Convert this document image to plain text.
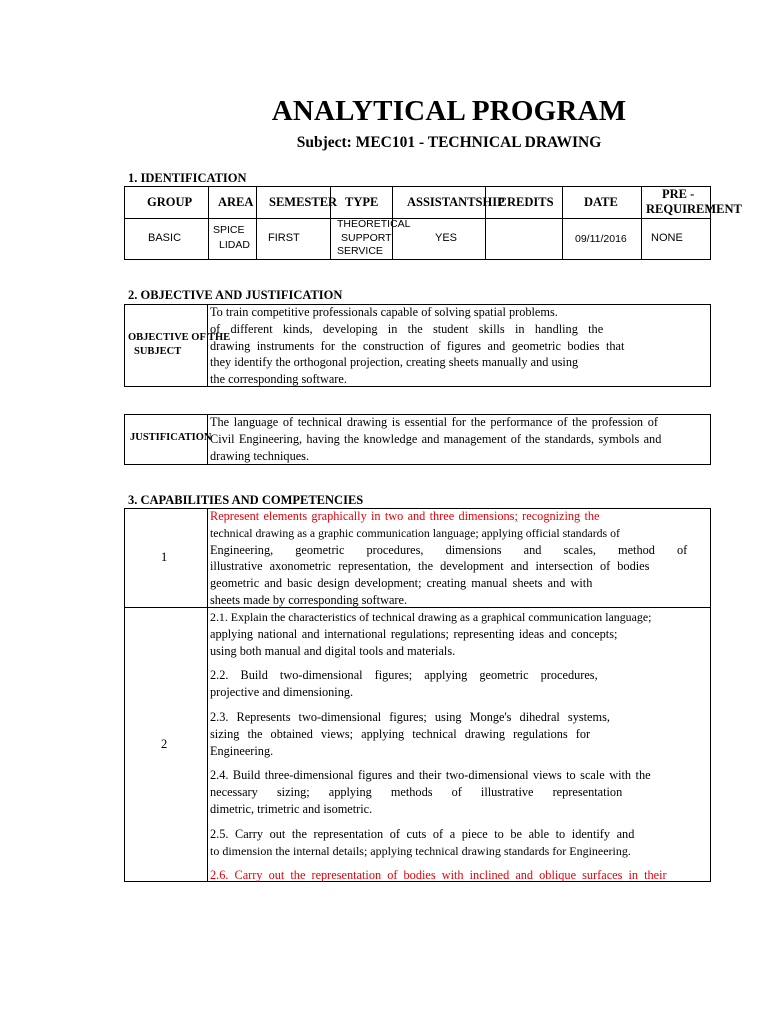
ANALYTICAL PROGRAM
Subject: MEC101 - TECHNICAL DRAWING
1. IDENTIFICATION
GROUP AREA SEMESTER TYPE ASSISTANTSHIP
CREDITS DATE
PRE -
REQUIREMENT
BASIC
SPICE
LIDAD
FIRST
THEORETICAL
SUPPORT
SERVICE
YES	09/11/2016 NONE
2. OBJECTIVE AND JUSTIFICATION
OBJECTIVE OF THE
SUBJECT
To train competitive professionals capable of solving spatial problems.
of different kinds, developing in the student skills in handling the
drawing instruments for the construction of figures and geometric bodies that
they identify the orthogonal projection, creating sheets manually and using
the corresponding software.
JUSTIFICATION
The language of technical drawing is essential for the performance of the profession of
Civil Engineering, having the knowledge and management of the standards, symbols and
drawing techniques.
3. CAPABILITIES AND COMPETENCIES
1
2
Represent elements graphically in two and three dimensions; recognizing the
technical drawing as a graphic communication language; applying official standards of
Engineering, geometric procedures, dimensions and scales, method of
illustrative axonometric representation, the development and intersection of bodies
geometric and basic design development; creating manual sheets and with
sheets made by corresponding software.
2.1. Explain the characteristics of technical drawing as a graphical communication language;
applying national and international regulations; representing ideas and concepts;
using both manual and digital tools and materials.
2.2. Build two-dimensional figures; applying geometric procedures,
projective and dimensioning.
2.3. Represents two-dimensional figures; using Monge's dihedral systems,
sizing the obtained views; applying technical drawing regulations for
Engineering.
2.4. Build three-dimensional figures and their two-dimensional views to scale with the
necessary sizing; applying methods of illustrative representation
dimetric, trimetric and isometric.
2.5. Carry out the representation of cuts of a piece to be able to identify and
to dimension the internal details; applying technical drawing standards for Engineering.
2.6. Carry out the representation of bodies with inclined and oblique surfaces in their
